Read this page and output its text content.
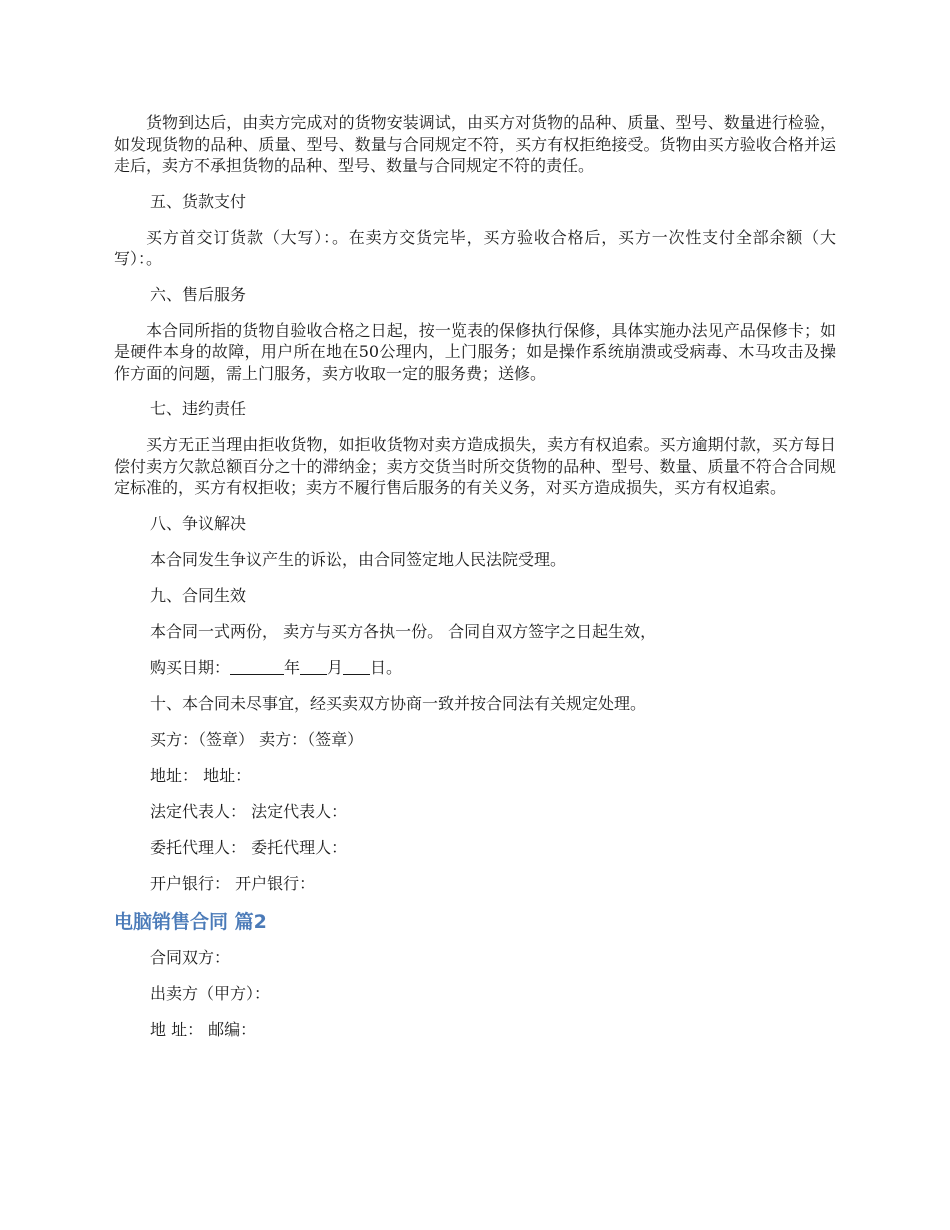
货物到达后，由卖方完成对的货物安装调试，由买方对货物的品种、质量、型号、数量进行检验，如发现货物的品种、质量、型号、数量与合同规定不符，买方有权拒绝接受。货物由买方验收合格并运走后，卖方不承担货物的品种、型号、数量与合同规定不符的责任。

五、货款支付

买方首交订货款（大写）：。在卖方交货完毕，买方验收合格后，买方一次性支付全部余额（大写）：。

六、售后服务

本合同所指的货物自验收合格之日起，按一览表的保修执行保修，具体实施办法见产品保修卡；如是硬件本身的故障，用户所在地在50公理内，上门服务；如是操作系统崩溃或受病毒、木马攻击及操作方面的问题，需上门服务，卖方收取一定的服务费；送修。

七、违约责任

买方无正当理由拒收货物，如拒收货物对卖方造成损失，卖方有权追索。买方逾期付款，买方每日偿付卖方欠款总额百分之十的滞纳金；卖方交货当时所交货物的品种、型号、数量、质量不符合合同规定标准的，买方有权拒收；卖方不履行售后服务的有关义务，对买方造成损失，买方有权追索。

八、争议解决
本合同发生争议产生的诉讼，由合同签定地人民法院受理。
九、合同生效
本合同一式两份， 卖方与买方各执一份。 合同自双方签字之日起生效，
购买日期：	年 月 日。
十、本合同未尽事宜，经买卖双方协商一致并按合同法有关规定处理。
买方：（签章） 卖方：（签章）
地址： 地址：
法定代表人： 法定代表人：
委托代理人： 委托代理人：
开户银行： 开户银行：
电脑销售合同 篇2
合同双方：
出卖方（甲方）：
地 址： 邮编：
